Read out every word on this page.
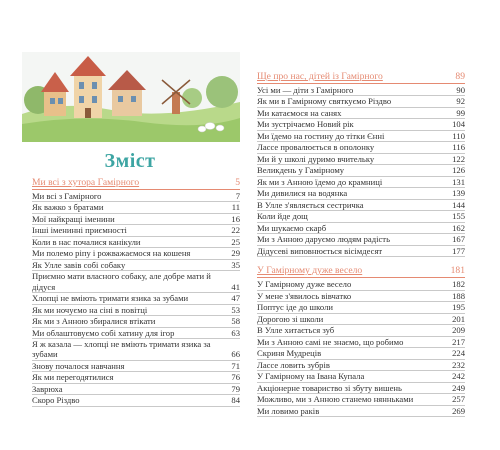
Зміст
Ми всі з хутора Гамірного	5
Ми всі з Гамірного	7
Як важко з братами	11
Мої найкращі іменини	16
Інші іменинні приємності	22
Коли в нас почалися канікули	25
Ми полемо ріпу і рожважаємося на кошеня	29
Як Улле завів собі собаку	35
Приємно мати власного собаку, але добре мати й дідуся	41
Хлопці не вміють тримати язика за зубами	47
Як ми ночуємо на сіні в повітці	53
Як ми з Анною збиралися втікати	58
Ми облаштовуємо собі хатину для ігор	63
Я ж казала — хлопці не вміють тримати язика за зубами	66
Знову почалося навчання	71
Як ми перегодятилися	76
Заврюха	79
Скоро Різдво	84
Ще про нас, дітей із Гамірного	89
Усі ми — діти з Гамірного	90
Як ми в Гамірному святкуємо Різдво	92
Ми катаємося на санях	99
Ми зустрічаємо Новий рік	104
Ми їдемо на гостину до тітки Єнні	110
Лассе провалюється в ополонку	116
Ми й у школі дуримо вчительку	122
Великдень у Гамірному	126
Як ми з Анною їдемо до крамниці	131
Ми дивилися на водянка	139
В Улле з'являється сестричка	144
Коли йде дощ	155
Ми шукаємо скарб	162
Ми з Анною даруємо людям радість	167
Дідусеві виповнюється вісімдесят	177
У Гамірному дуже весело	181
У Гамірному дуже весело	182
У мене з'явилось вівчатко	188
Поптус іде до школи	195
Дорогою зі школи	201
В Улле хитається зуб	209
Ми з Анною самі не знаємо, що робимо	217
Скриня Мудреців	224
Лассе ловить зубрів	232
У Гамірному на Івана Купала	242
Акціонерне товариство зі збуту вишень	249
Можливо, ми з Анною станемо нянньками	257
Ми ловимо раків	269
